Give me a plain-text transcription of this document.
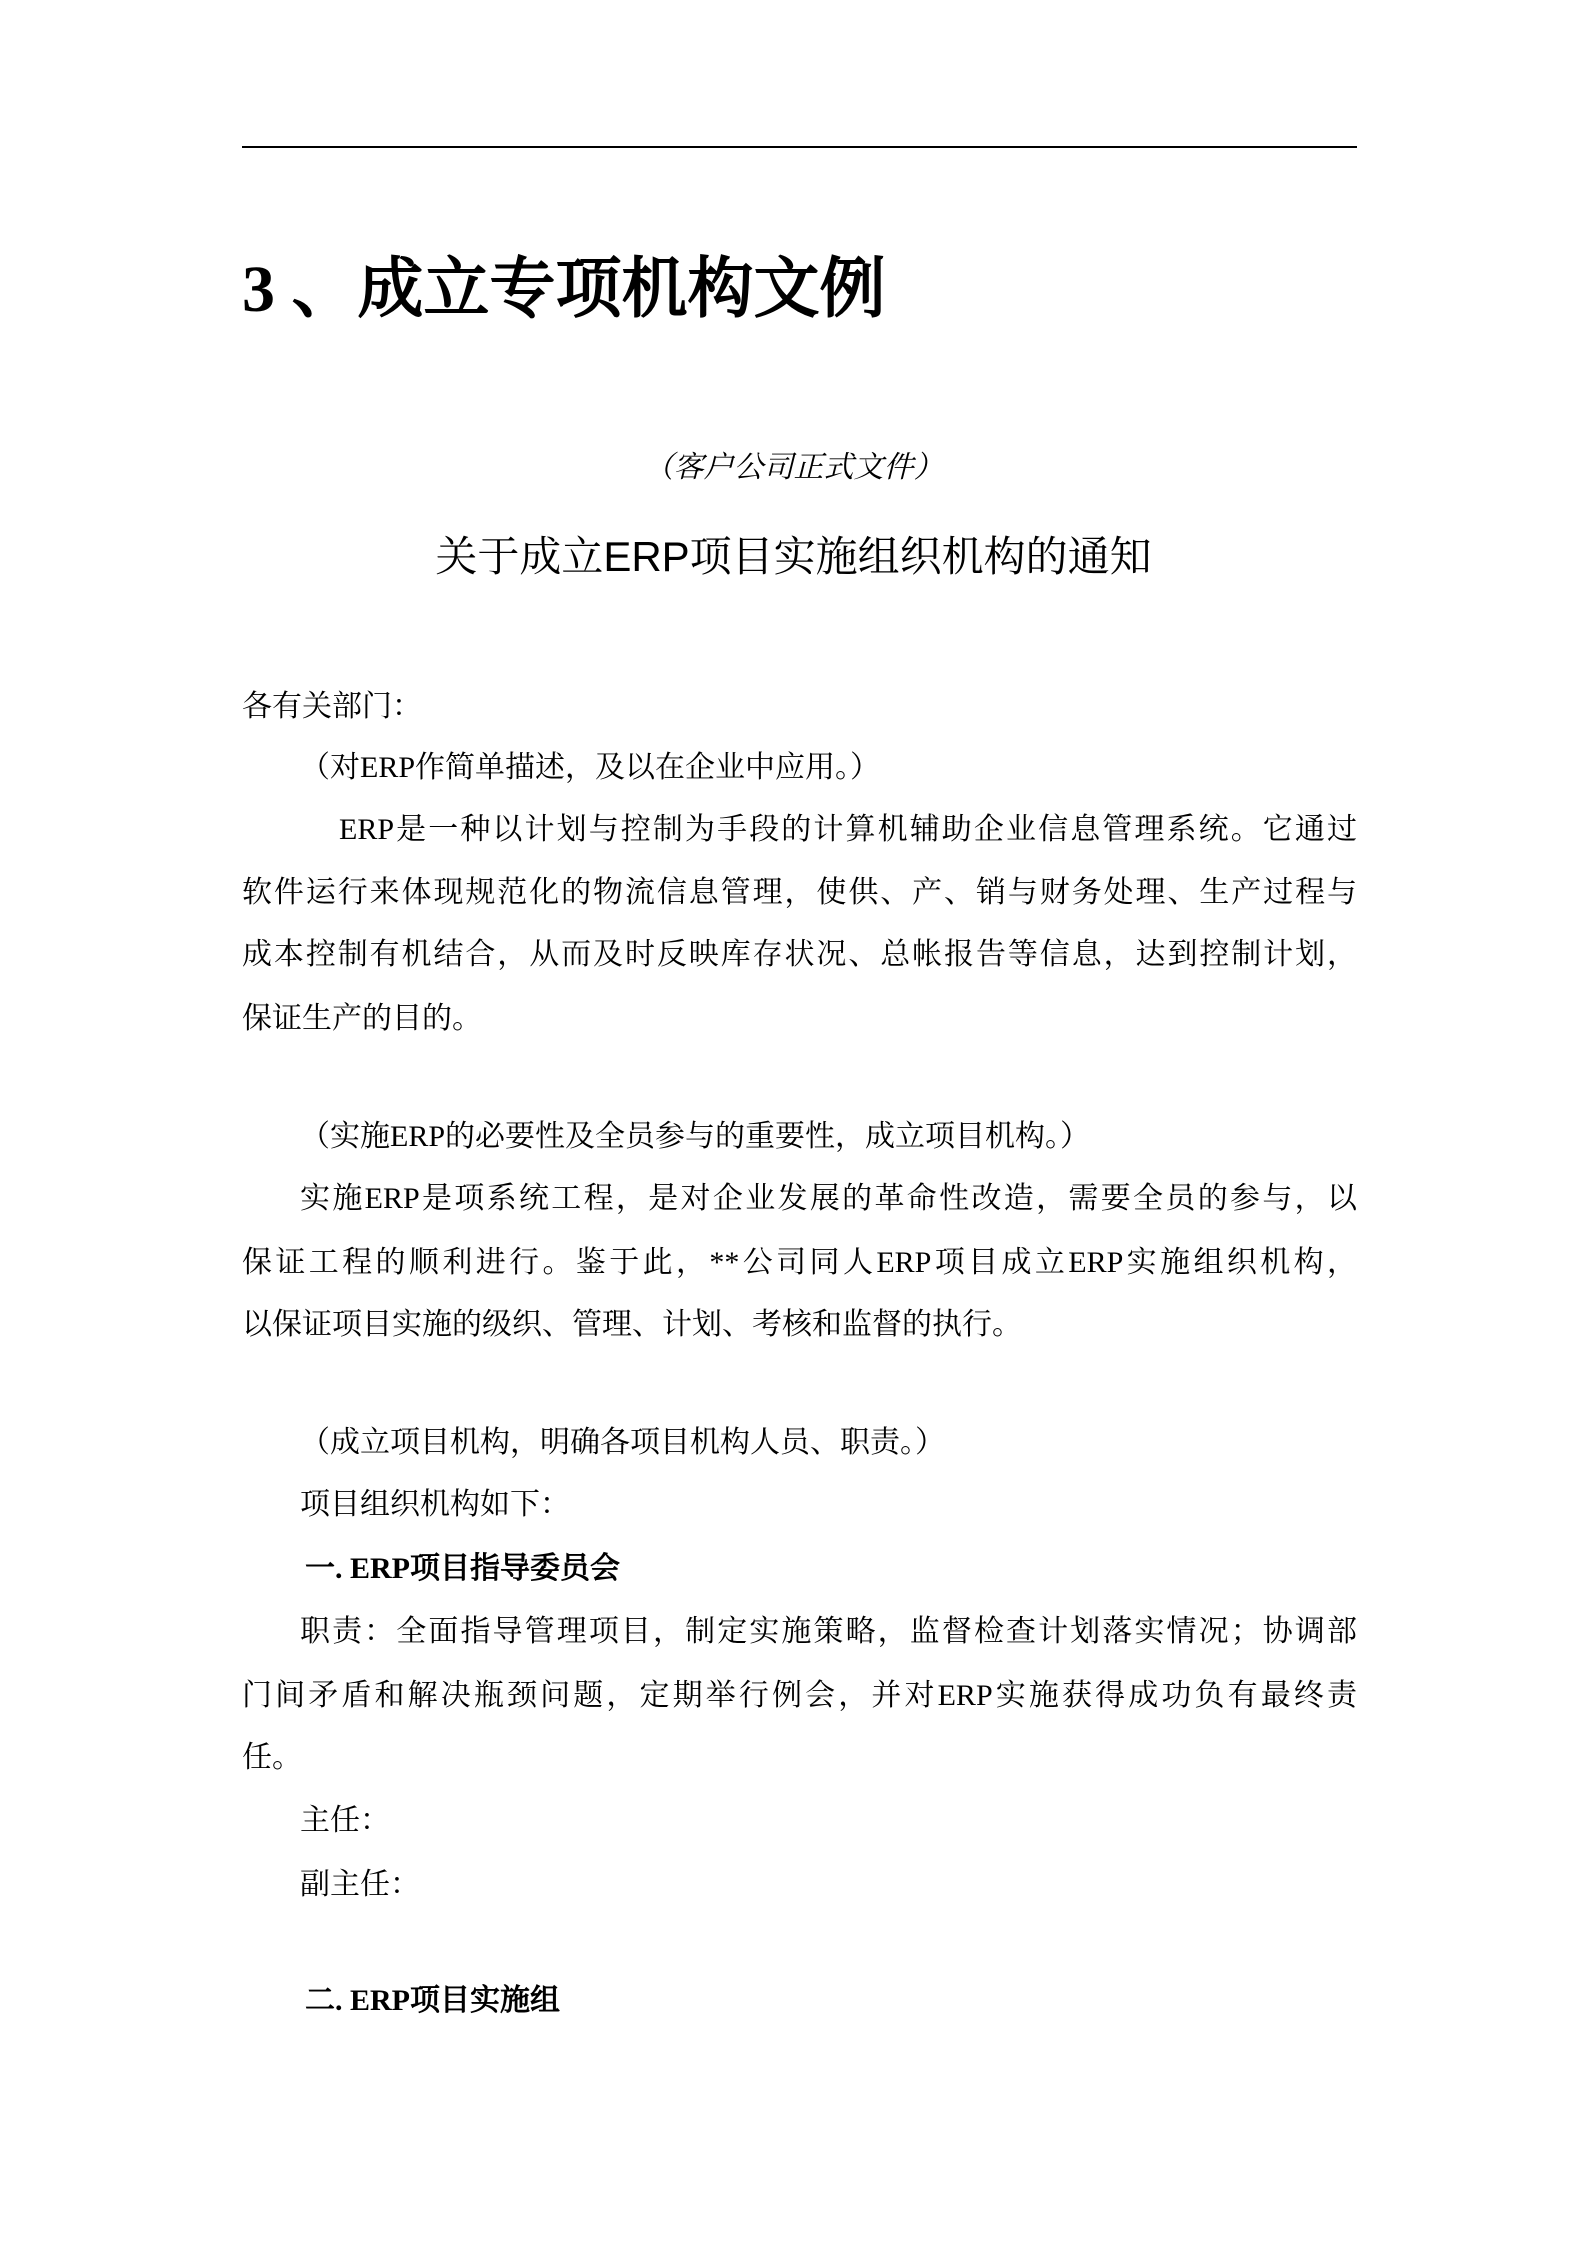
3 、成立专项机构文例
（客户公司正式文件）
关于成立ERP项目实施组织机构的通知
各有关部门：
（对ERP作简单描述，及以在企业中应用。）
ERP是一种以计划与控制为手段的计算机辅助企业信息管理系统。它通过
软件运行来体现规范化的物流信息管理，使供、产、销与财务处理、生产过程与
成本控制有机结合，从而及时反映库存状况、总帐报告等信息，达到控制计划，
保证生产的目的。
（实施ERP的必要性及全员参与的重要性，成立项目机构。）
实施ERP是项系统工程，是对企业发展的革命性改造，需要全员的参与，以
保证工程的顺利进行。鉴于此，**公司同人ERP项目成立ERP实施组织机构，
以保证项目实施的级织、管理、计划、考核和监督的执行。
（成立项目机构，明确各项目机构人员、职责。）
项目组织机构如下：
一. ERP项目指导委员会
职责：全面指导管理项目，制定实施策略，监督检查计划落实情况；协调部
门间矛盾和解决瓶颈问题，定期举行例会，并对ERP实施获得成功负有最终责
任。
主任：
副主任：
二. ERP项目实施组
